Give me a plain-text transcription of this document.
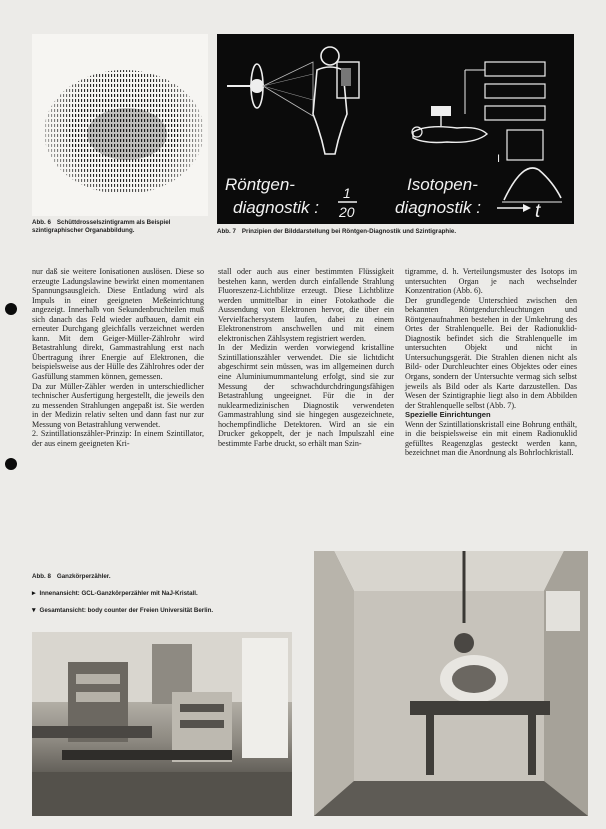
Abb. 6 Schüttdrosselszintigramm als Beispiel szintigraphischer Organabbildung.
I
Röntgen-
diagnostik :
1
20
Isotopen-
diagnostik :	t
Abb. 7 Prinzipien der Bilddarstellung bei Röntgen-Diagnostik und Szintigraphie.

nur daß sie weitere Ionisationen auslösen. Diese so erzeugte Ladungslawine bewirkt einen momentanen Spannungsausgleich. Diese Entladung wird als Impuls in einer geeigneten Meßeinrichtung angezeigt. Innerhalb von Sekundenbruchteilen muß sich danach das Feld wieder aufbauen, damit ein erneuter Durchgang gleichfalls verzeichnet werden kann. Mit dem Geiger-Müller-Zählrohr wird Betastrahlung direkt, Gammastrahlung erst nach Übertragung ihrer Energie auf Elektronen, die beispielsweise aus der Hülle des Zählrohres oder der Gasfüllung stammen können, gemessen.

Da zur Müller-Zähler werden in unterschiedlicher technischer Ausfertigung hergestellt, die jeweils den zu messenden Strahlungen angepaßt ist. Sie werden in der Medizin relativ selten und dann fast nur zur Messung von Betastrahlung verwendet.

2. Szintillationszähler-Prinzip: In einem Szintillator, der aus einem geeigneten Kri-

stall oder auch aus einer bestimmten Flüssigkeit bestehen kann, werden durch einfallende Strahlung Fluoreszenz-Lichtblitze erzeugt. Diese Lichtblitze werden unmittelbar in einer Fotokathode die Aussendung von Elektronen hervor, die über ein Vervielfachersystem laufen, dabei zu einem Elektronenstrom anschwellen und mit einem elektronischen Zählsystem registriert werden.

In der Medizin werden vorwiegend kristalline Szintillationszähler verwendet. Die sie lichtdicht abgeschirmt sein müssen, was im allgemeinen durch eine Aluminiumummantelung erfolgt, sind sie zur Messung der schwachdurchdringungsfähigen Betastrahlung ungeeignet. Für die in der nuklearmedizinischen Diagnostik verwendeten Gammastrahlung sind sie hingegen ausgezeichnete, hochempfindliche Detektoren. Wird an sie ein Drucker gekoppelt, der je nach Impulszahl eine bestimmte Farbe druckt, so erhält man Szin-

tigramme, d. h. Verteilungsmuster des Isotops im untersuchten Organ je nach wechselnder Konzentration (Abb. 6).

Der grundlegende Unterschied zwischen den bekannten Röntgendurchleuchtungen und Röntgenaufnahmen bestehen in der Umkehrung des Ortes der Strahlenquelle. Bei der Radionuklid-Diagnostik befindet sich die Strahlenquelle im untersuchten Objekt und nicht in Untersuchungsgerät. Die Strahlen dienen nicht als Bild- oder Durchleuchter eines Objektes oder eines Organs, sondern der Untersuchte vermag sich selbst jeweils als Bild oder als Karte darzustellen. Das Wesen der Szintigraphie liegt also in dem Abbilden der Strahlenquelle selbst (Abb. 7).

Spezielle Einrichtungen

Wenn der Szintillationskristall eine Bohrung enthält, in die beispielsweise ein mit einem Radionuklid gefülltes Reagenzglas gesteckt werden kann, bezeichnet man die Anordnung als Bohrlochkristall.

Abb. 8 Ganzkörperzähler.
▸ Innenansicht: GCL-Ganzkörperzähler mit NaJ-Kristall.
▾ Gesamtansicht: body counter der Freien Universität Berlin.
